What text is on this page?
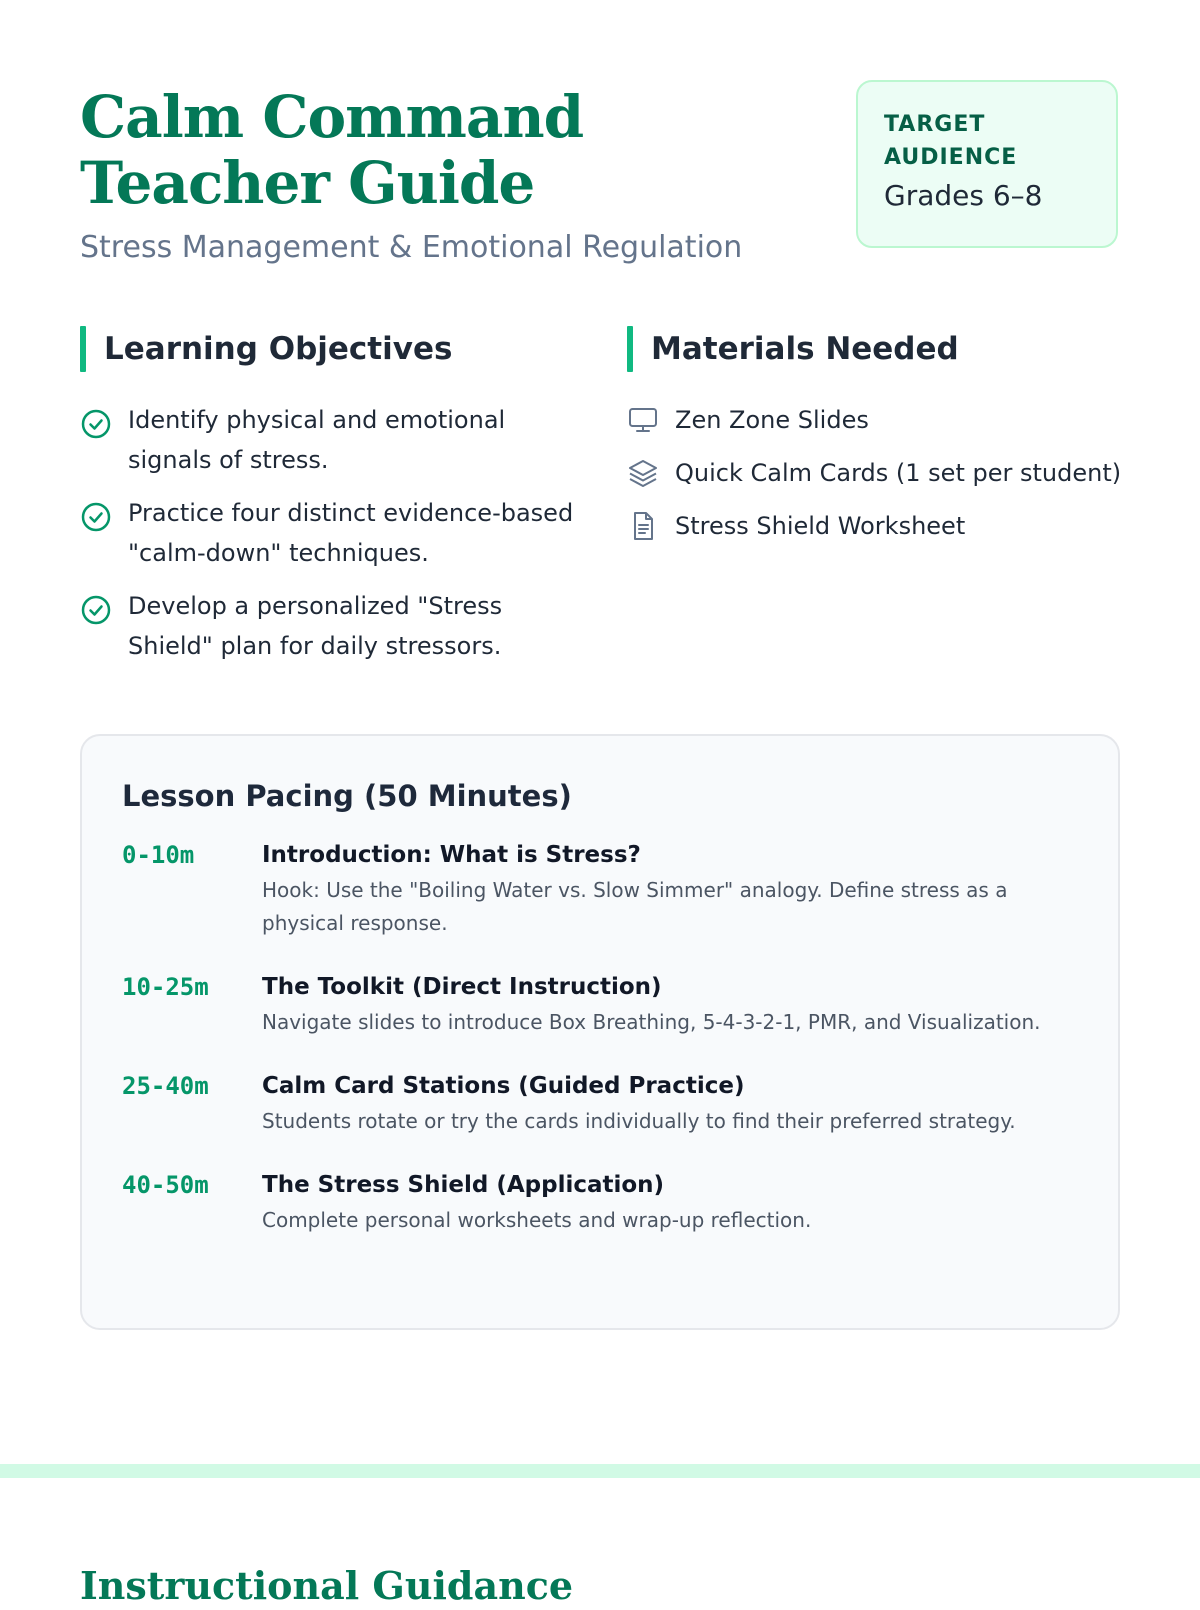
Calm Command Teacher Guide

Stress Management & Emotional Regulation

TARGET AUDIENCE
Grades 6–8
Learning Objectives	Materials Needed
Identify physical and emotional signals of stress.
Practice four distinct evidence-based "calm-down" techniques.
Develop a personalized "Stress Shield" plan for daily stressors.
Zen Zone Slides
Quick Calm Cards (1 set per student)
Stress Shield Worksheet
Lesson Pacing (50 Minutes)
0-10m	Introduction: What is Stress?
Hook: Use the "Boiling Water vs. Slow Simmer" analogy. Define stress as a physical response.
10-25m	The Toolkit (Direct Instruction)
Navigate slides to introduce Box Breathing, 5-4-3-2-1, PMR, and Visualization.
25-40m	Calm Card Stations (Guided Practice)
Students rotate or try the cards individually to find their preferred strategy.
40-50m	The Stress Shield (Application)
Complete personal worksheets and wrap-up reflection.
Instructional Guidance
